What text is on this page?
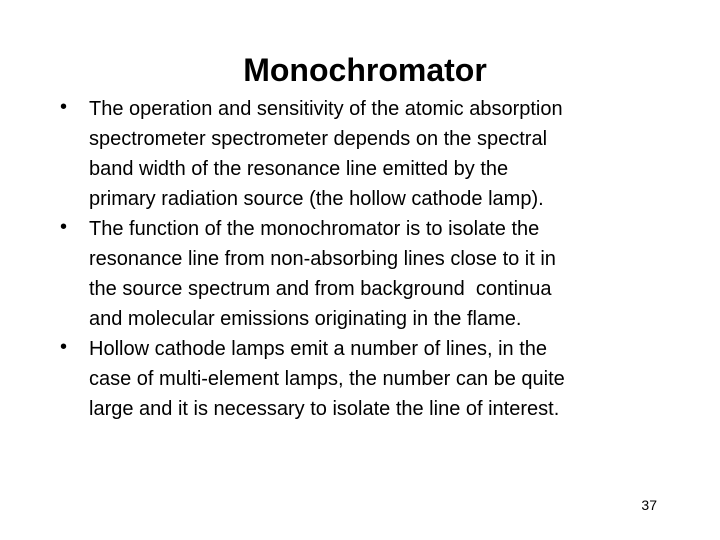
Monochromator
• The operation and sensitivity of the atomic absorption
spectrometer spectrometer depends on the spectral
band width of the resonance line emitted by the
primary radiation source (the hollow cathode lamp).
• The function of the monochromator is to isolate the
resonance line from non-absorbing lines close to it in
the source spectrum and from background  continua
and molecular emissions originating in the flame.
• Hollow cathode lamps emit a number of lines, in the
case of multi-element lamps, the number can be quite
large and it is necessary to isolate the line of interest.
37
